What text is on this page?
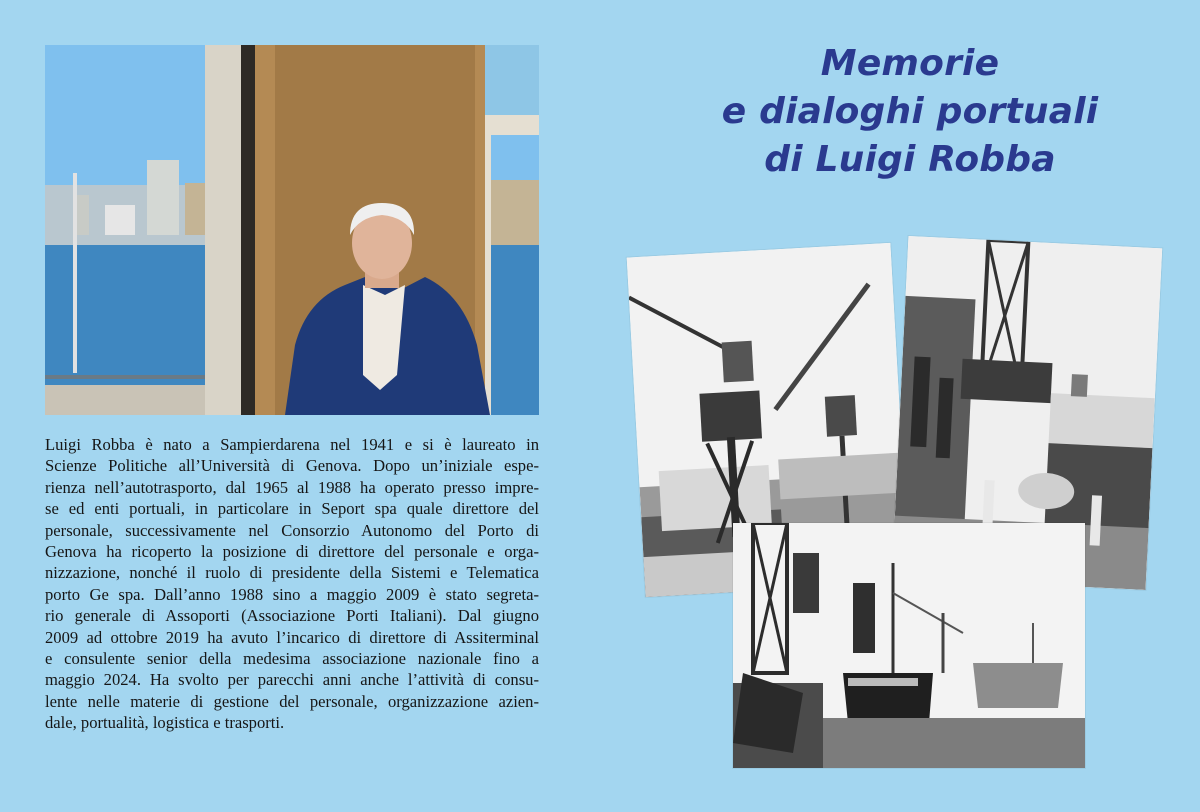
Luigi Robba è nato a Sampierdarena nel 1941 e si è laureato in
Scienze Politiche all’Università di Genova. Dopo un’iniziale espe-
rienza nell’autotrasporto, dal 1965 al 1988 ha operato presso impre-
se ed enti portuali, in particolare in Seport spa quale direttore del
personale, successivamente nel Consorzio Autonomo del Porto di
Genova ha ricoperto la posizione di direttore del personale e orga-
nizzazione, nonché il ruolo di presidente della Sistemi e Telematica
porto Ge spa. Dall’anno 1988 sino a maggio 2009 è stato segreta-
rio generale di Assoporti (Associazione Porti Italiani). Dal giugno
2009 ad ottobre 2019 ha avuto l’incarico di direttore di Assiterminal
e consulente senior della medesima associazione nazionale fino a
maggio 2024. Ha svolto per parecchi anni anche l’attività di consu-
lente nelle materie di gestione del personale, organizzazione azien-
dale, portualità, logistica e trasporti.

Memorie
e dialoghi portuali
di Luigi Robba
